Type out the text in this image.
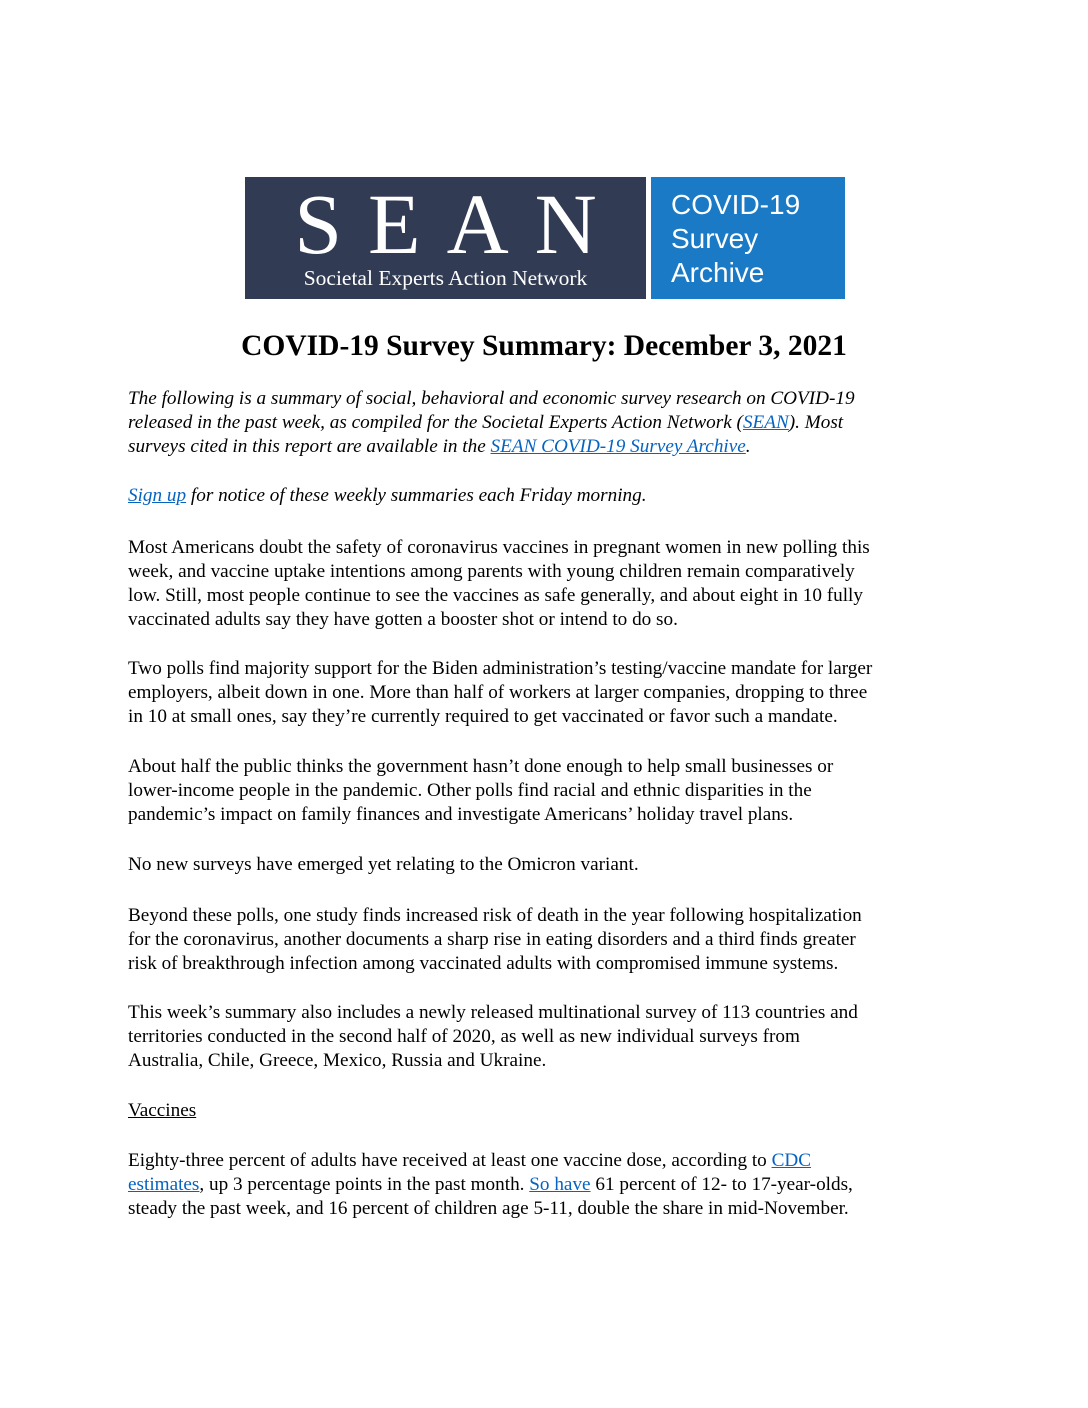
SEAN
Societal Experts Action Network
COVID-19
Survey
Archive
COVID-19 Survey Summary: December 3, 2021
The following is a summary of social, behavioral and economic survey research on COVID-19
released in the past week, as compiled for the Societal Experts Action Network (SEAN). Most
surveys cited in this report are available in the SEAN COVID-19 Survey Archive.
Sign up for notice of these weekly summaries each Friday morning.
Most Americans doubt the safety of coronavirus vaccines in pregnant women in new polling this
week, and vaccine uptake intentions among parents with young children remain comparatively
low. Still, most people continue to see the vaccines as safe generally, and about eight in 10 fully
vaccinated adults say they have gotten a booster shot or intend to do so.
Two polls find majority support for the Biden administration’s testing/vaccine mandate for larger
employers, albeit down in one. More than half of workers at larger companies, dropping to three
in 10 at small ones, say they’re currently required to get vaccinated or favor such a mandate.
About half the public thinks the government hasn’t done enough to help small businesses or
lower-income people in the pandemic. Other polls find racial and ethnic disparities in the
pandemic’s impact on family finances and investigate Americans’ holiday travel plans.
No new surveys have emerged yet relating to the Omicron variant.
Beyond these polls, one study finds increased risk of death in the year following hospitalization
for the coronavirus, another documents a sharp rise in eating disorders and a third finds greater
risk of breakthrough infection among vaccinated adults with compromised immune systems.
This week’s summary also includes a newly released multinational survey of 113 countries and
territories conducted in the second half of 2020, as well as new individual surveys from
Australia, Chile, Greece, Mexico, Russia and Ukraine.
Vaccines
Eighty-three percent of adults have received at least one vaccine dose, according to CDC
estimates, up 3 percentage points in the past month. So have 61 percent of 12- to 17-year-olds,
steady the past week, and 16 percent of children age 5-11, double the share in mid-November.
